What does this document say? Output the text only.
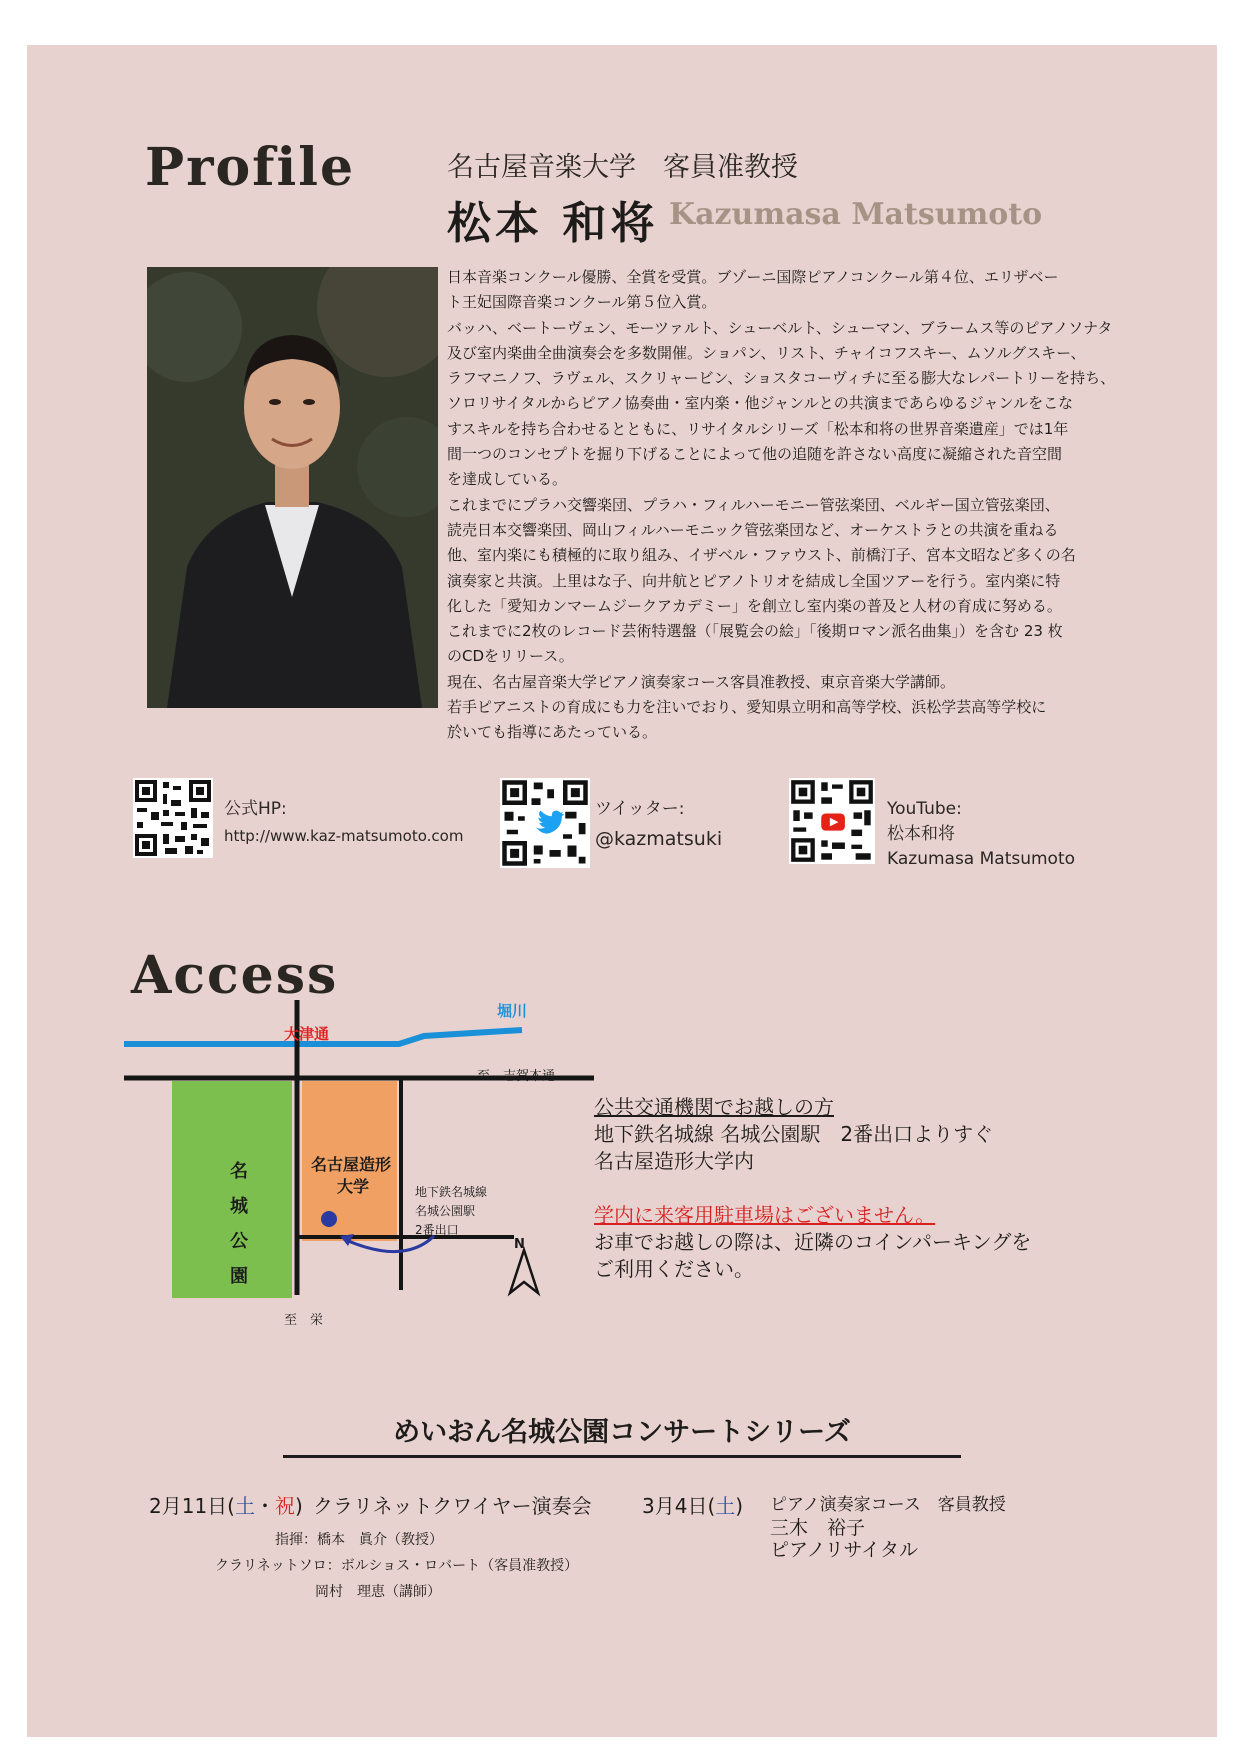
Profile	名古屋音楽大学　客員准教授
松本 和将 Kazumasa Matsumoto

日本音楽コンクール優勝、全賞を受賞。ブゾーニ国際ピアノコンクール第４位、エリザベー

ト王妃国際音楽コンクール第５位入賞。

バッハ、ベートーヴェン、モーツァルト、シューベルト、シューマン、ブラームス等のピアノソナタ

及び室内楽曲全曲演奏会を多数開催。ショパン、リスト、チャイコフスキー、ムソルグスキー、

ラフマニノフ、ラヴェル、スクリャービン、ショスタコーヴィチに至る膨大なレパートリーを持ち、

ソロリサイタルからピアノ協奏曲・室内楽・他ジャンルとの共演まであらゆるジャンルをこな

すスキルを持ち合わせるとともに、リサイタルシリーズ「松本和将の世界音楽遺産」では1年

間一つのコンセプトを掘り下げることによって他の追随を許さない高度に凝縮された音空間

を達成している。

これまでにプラハ交響楽団、プラハ・フィルハーモニー管弦楽団、ベルギー国立管弦楽団、

読売日本交響楽団、岡山フィルハーモニック管弦楽団など、オーケストラとの共演を重ねる

他、室内楽にも積極的に取り組み、イザベル・ファウスト、前橋汀子、宮本文昭など多くの名

演奏家と共演。上里はな子、向井航とピアノトリオを結成し全国ツアーを行う。室内楽に特

化した「愛知カンマームジークアカデミー」を創立し室内楽の普及と人材の育成に努める。

これまでに2枚のレコード芸術特選盤（「展覧会の絵」「後期ロマン派名曲集」）を含む 23 枚

のCDをリリース。

現在、名古屋音楽大学ピアノ演奏家コース客員准教授、東京音楽大学講師。

若手ピアニストの育成にも力を注いでおり、愛知県立明和高等学校、浜松学芸高等学校に

於いても指導にあたっている。

公式HP:
http://www.kaz-matsumoto.com
ツイッター:
@kazmatsuki
YouTube:
松本和将
Kazumasa Matsumoto
Access
堀川
大津通
至　志賀本通
名
城
公
園
名古屋造形
大学	地下鉄名城線
名城公園駅
2番出口
N
至　栄
公共交通機関でお越しの方
地下鉄名城線 名城公園駅　2番出口よりすぐ
名古屋造形大学内
学内に来客用駐車場はございません。
お車でお越しの際は、近隣のコインパーキングを
ご利用ください。
めいおん名城公園コンサートシリーズ
2月11日(土・祝) クラリネットクワイヤー演奏会
指揮：橋本　眞介（教授）
クラリネットソロ：ボルショス・ロバート（客員准教授）
岡村　理恵（講師）
3月4日(土) ピアノ演奏家コース　客員教授
三木　裕子
ピアノリサイタル
